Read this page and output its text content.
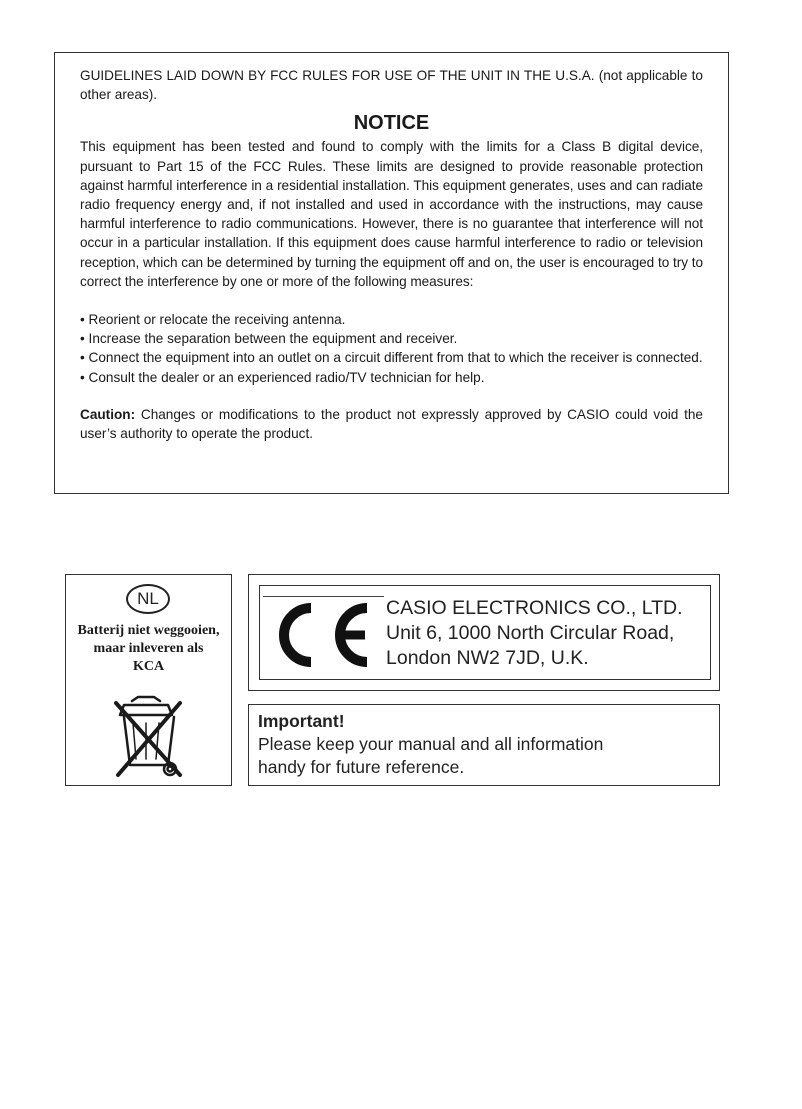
GUIDELINES LAID DOWN BY FCC RULES FOR USE OF THE UNIT IN THE U.S.A. (not applicable to other areas).

NOTICE

This equipment has been tested and found to comply with the limits for a Class B digital device, pursuant to Part 15 of the FCC Rules. These limits are designed to provide reasonable protection against harmful interference in a residential installation. This equipment generates, uses and can radiate radio frequency energy and, if not installed and used in accordance with the instructions, may cause harmful interference to radio communications. However, there is no guarantee that interference will not occur in a particular installation. If this equipment does cause harmful interference to radio or television reception, which can be determined by turning the equipment off and on, the user is encouraged to try to correct the interference by one or more of the following measures:

• Reorient or relocate the receiving antenna.
• Increase the separation between the equipment and receiver.
• Connect the equipment into an outlet on a circuit different from that to which the receiver is connected.
• Consult the dealer or an experienced radio/TV technician for help.

Caution: Changes or modifications to the product not expressly approved by CASIO could void the user’s authority to operate the product.

NL
Batterij niet weggooien,
maar inleveren als
KCA
CASIO ELECTRONICS CO., LTD.
Unit 6, 1000 North Circular Road,
London NW2 7JD, U.K.
Important!
Please keep your manual and all information
handy for future reference.
